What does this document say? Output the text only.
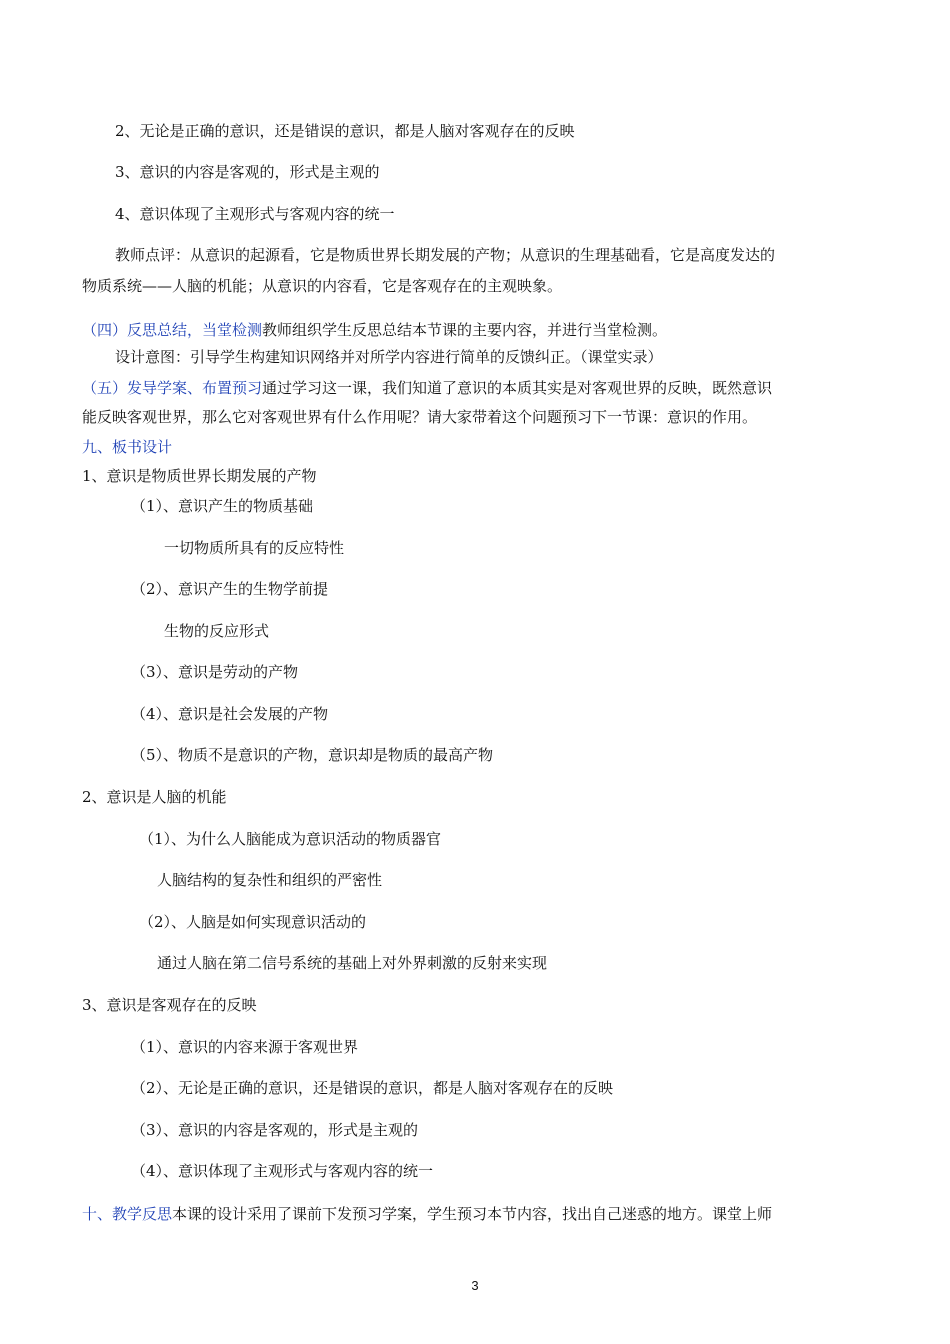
2、无论是正确的意识，还是错误的意识，都是人脑对客观存在的反映
3、意识的内容是客观的，形式是主观的
4、意识体现了主观形式与客观内容的统一
教师点评：从意识的起源看，它是物质世界长期发展的产物；从意识的生理基础看，它是高度发达的
物质系统——人脑的机能；从意识的内容看，它是客观存在的主观映象。
（四）反思总结，当堂检测教师组织学生反思总结本节课的主要内容，并进行当堂检测。
设计意图：引导学生构建知识网络并对所学内容进行简单的反馈纠正。（课堂实录）
（五）发导学案、布置预习通过学习这一课，我们知道了意识的本质其实是对客观世界的反映，既然意识
能反映客观世界，那么它对客观世界有什么作用呢？请大家带着这个问题预习下一节课：意识的作用。
九、板书设计
1、意识是物质世界长期发展的产物
（1）、意识产生的物质基础
一切物质所具有的反应特性
（2）、意识产生的生物学前提
生物的反应形式
（3）、意识是劳动的产物
（4）、意识是社会发展的产物
（5）、物质不是意识的产物，意识却是物质的最高产物
2、意识是人脑的机能
（1）、为什么人脑能成为意识活动的物质器官
人脑结构的复杂性和组织的严密性
（2）、人脑是如何实现意识活动的
通过人脑在第二信号系统的基础上对外界刺激的反射来实现
3、意识是客观存在的反映
（1）、意识的内容来源于客观世界
（2）、无论是正确的意识，还是错误的意识，都是人脑对客观存在的反映
（3）、意识的内容是客观的，形式是主观的
（4）、意识体现了主观形式与客观内容的统一
十、教学反思本课的设计采用了课前下发预习学案，学生预习本节内容，找出自己迷惑的地方。课堂上师
3
